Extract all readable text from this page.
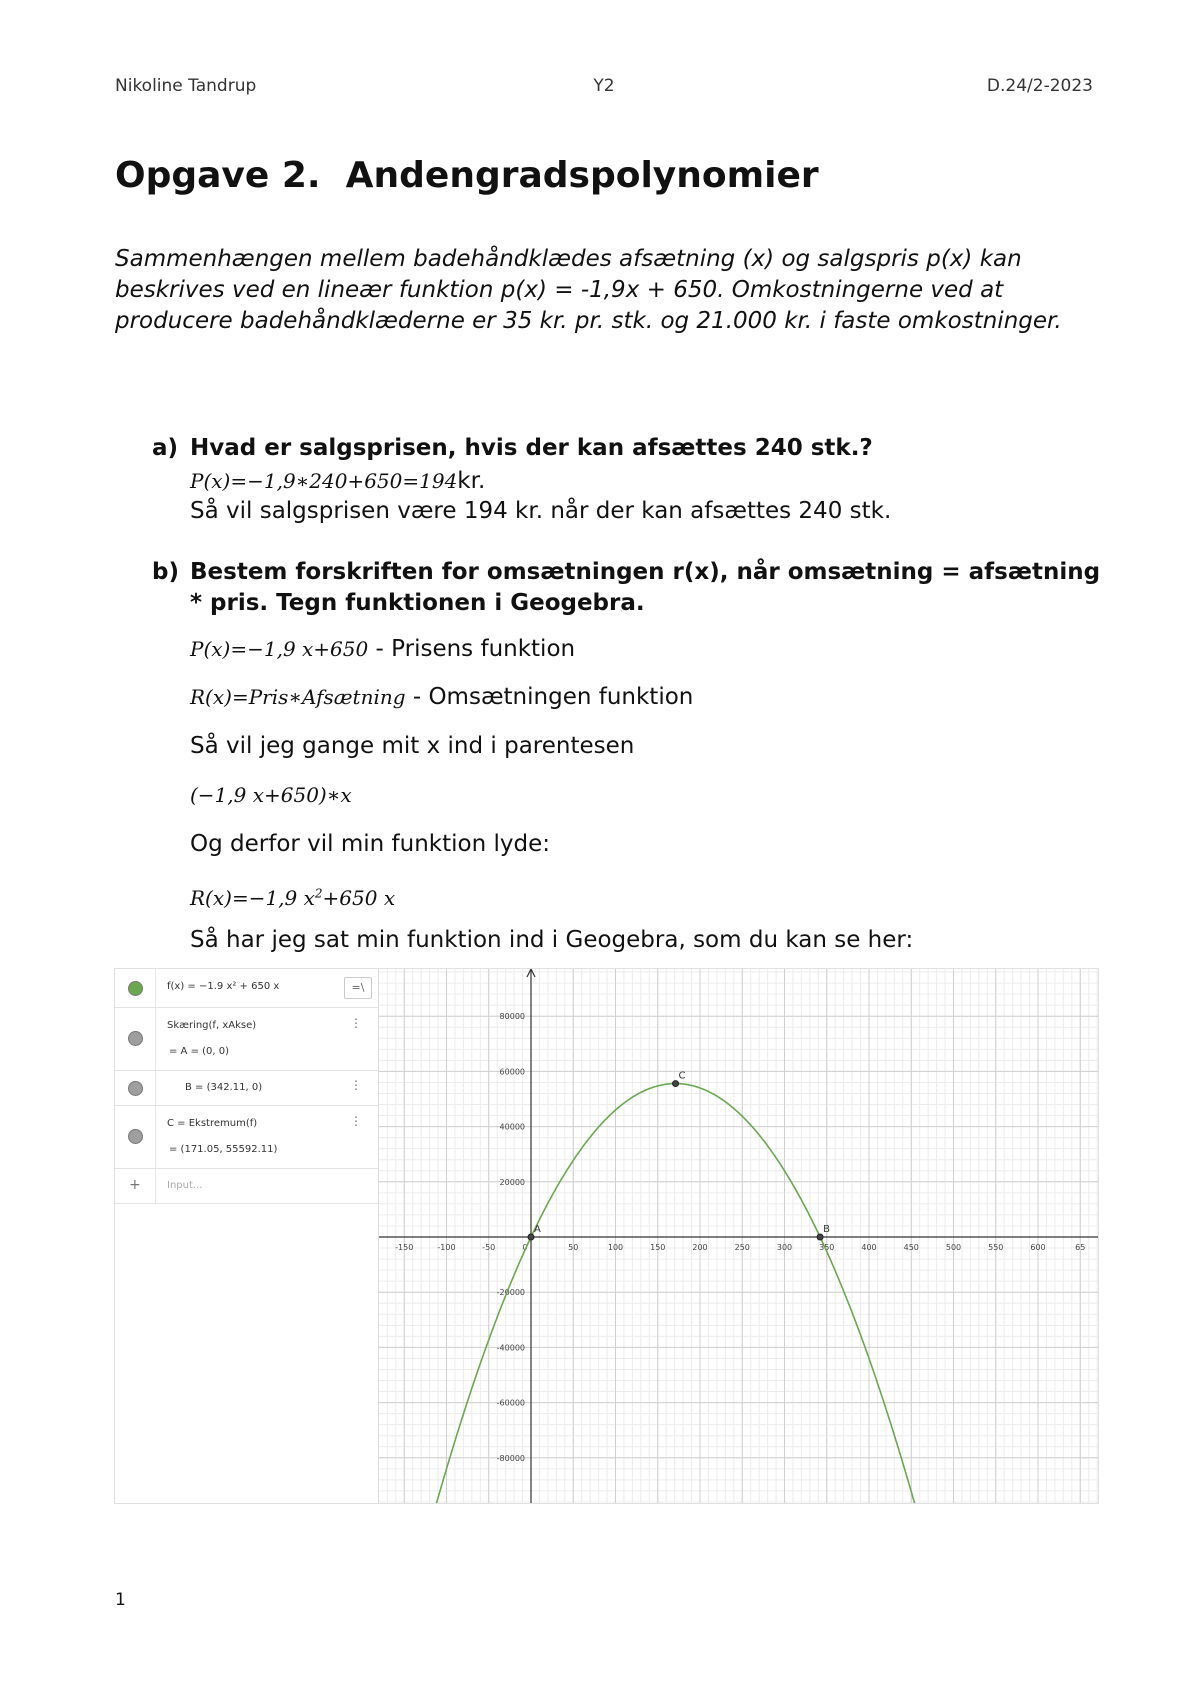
Nikoline Tandrup	Y2	D.24/2-2023
Opgave 2.  Andengradspolynomier

Sammenhængen mellem badehåndklædes afsætning (x) og salgspris p(x) kan beskrives ved en lineær funktion p(x) = -1,9x + 650. Omkostningerne ved at producere badehåndklæderne er 35 kr. pr. stk. og 21.000 kr. i faste omkostninger.

a) Hvad er salgsprisen, hvis der kan afsættes 240 stk.?
P(x)=−1,9∗240+650=194kr.
Så vil salgsprisen være 194 kr. når der kan afsættes 240 stk.
b) Bestem forskriften for omsætningen r(x), når omsætning = afsætning * pris. Tegn funktionen i Geogebra.
P(x)=−1,9 x+650 - Prisens funktion
R(x)=Pris∗Afsætning - Omsætningen funktion
Så vil jeg gange mit x ind i parentesen
(−1,9 x+650)∗x
Og derfor vil min funktion lyde:
R(x)=−1,9 $x^2+650$ x
Så har jeg sat min funktion ind i Geogebra, som du kan se her:
f(x) = −1.9 x² + 650 x	=\
Skæring(f, xAkse)
= A = (0, 0)
⋮
B = (342.11, 0)	⋮
C = Ekstremum(f)
= (171.05, 55592.11)
⋮
+	Input...
-150	-100	-50	0	50	100	150	200	250	300	350	400	450	500	550	600	65
80000
60000
40000
20000
-20000
-40000
-60000
-80000
A	B
C
1
